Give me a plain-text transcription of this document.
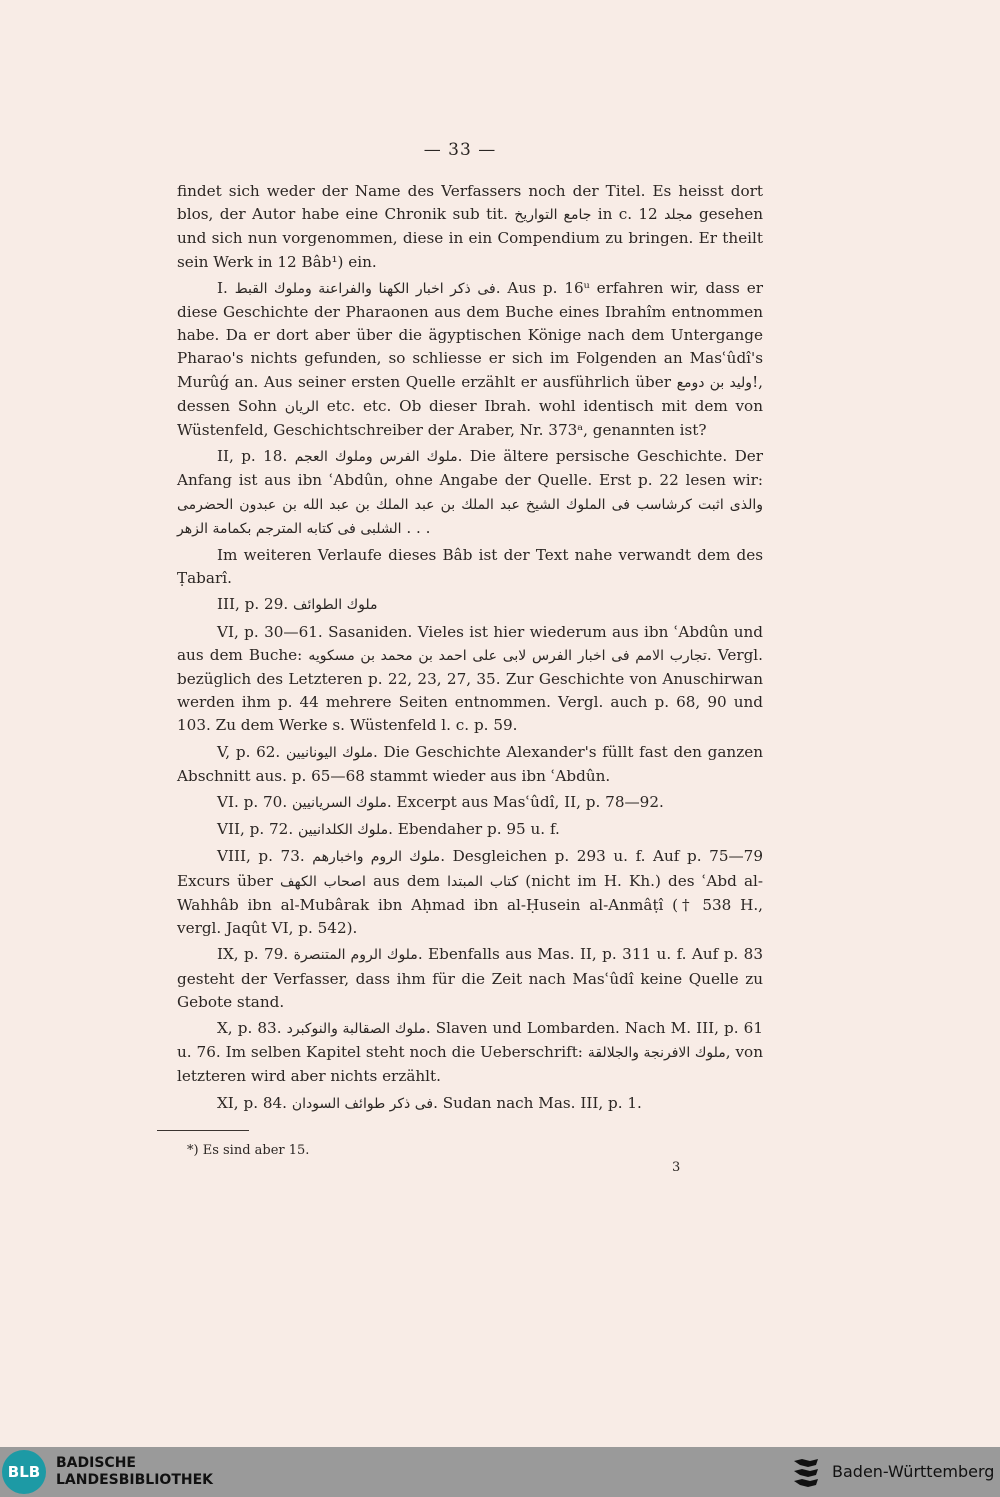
— 33 —

findet sich weder der Name des Verfassers noch der Titel. Es heisst dort blos, der Autor habe eine Chronik sub tit. جامع التواريخ in c. 12 مجلد gesehen und sich nun vorgenommen, diese in ein Compendium zu bringen. Er theilt sein Werk in 12 Bâb¹) ein.

I. فى ذكر اخبار الكهنا والفراعنة وملوك القبط. Aus p. 16ᵘ erfahren wir, dass er diese Geschichte der Pharaonen aus dem Buche eines Ibrahîm entnommen habe. Da er dort aber über die ägyptischen Könige nach dem Untergange Pharao's nichts gefunden, so schliesse er sich im Folgenden an Masʿûdî's Murûǵ an. Aus seiner ersten Quelle erzählt er ausführlich über وليد بن دومع!, dessen Sohn الريان etc. etc. Ob dieser Ibrah. wohl identisch mit dem von Wüstenfeld, Geschichtschreiber der Araber, Nr. 373ᵃ, genannten ist?

II, p. 18. ملوك الفرس وملوك العجم. Die ältere persische Geschichte. Der Anfang ist aus ibn ʿAbdûn, ohne Angabe der Quelle. Erst p. 22 lesen wir: والذى اثبت كرشاسب فى الملوك الشيخ عبد الملك بن عبد الملك بن عبد الله بن عبدون الحضرمى الشلبى فى كتابه المترجم بكمامة الزهر . . .

Im weiteren Verlaufe dieses Bâb ist der Text nahe verwandt dem des Ṭabarî.

III, p. 29. ملوك الطوائف

VI, p. 30—61. Sasaniden. Vieles ist hier wiederum aus ibn ʿAbdûn und aus dem Buche: تجارب الامم فى اخبار الفرس لابى على احمد بن محمد بن مسكويه. Vergl. bezüglich des Letzteren p. 22, 23, 27, 35. Zur Geschichte von Anuschirwan werden ihm p. 44 mehrere Seiten entnommen. Vergl. auch p. 68, 90 und 103. Zu dem Werke s. Wüstenfeld l. c. p. 59.

V, p. 62. ملوك اليونانيين. Die Geschichte Alexander's füllt fast den ganzen Abschnitt aus. p. 65—68 stammt wieder aus ibn ʿAbdûn.

VI. p. 70. ملوك السريانيين. Excerpt aus Masʿûdî, II, p. 78—92.

VII, p. 72. ملوك الكلدانيين. Ebendaher p. 95 u. f.

VIII, p. 73. ملوك الروم واخبارهم. Desgleichen p. 293 u. f. Auf p. 75—79 Excurs über اصحاب الكهف aus dem كتاب المبتدا (nicht im H. Kh.) des ʿAbd al-Wahhâb ibn al-Mubârak ibn Aḥmad ibn al-Ḥusein al-Anmâṭî († 538 H., vergl. Jaqût VI, p. 542).

IX, p. 79. ملوك الروم المتنصرة. Ebenfalls aus Mas. II, p. 311 u. f. Auf p. 83 gesteht der Verfasser, dass ihm für die Zeit nach Masʿûdî keine Quelle zu Gebote stand.

X, p. 83. ملوك الصقالبة والنوكبرد. Slaven und Lombarden. Nach M. III, p. 61 u. 76. Im selben Kapitel steht noch die Ueberschrift: ملوك الافرنجة والجلالقة, von letzteren wird aber nichts erzählt.

XI, p. 84. فى ذكر طوائف السودان. Sudan nach Mas. III, p. 1.

*) Es sind aber 15.
3
BLB	BADISCHE
LANDESBIBLIOTHEK	Baden-Württemberg
